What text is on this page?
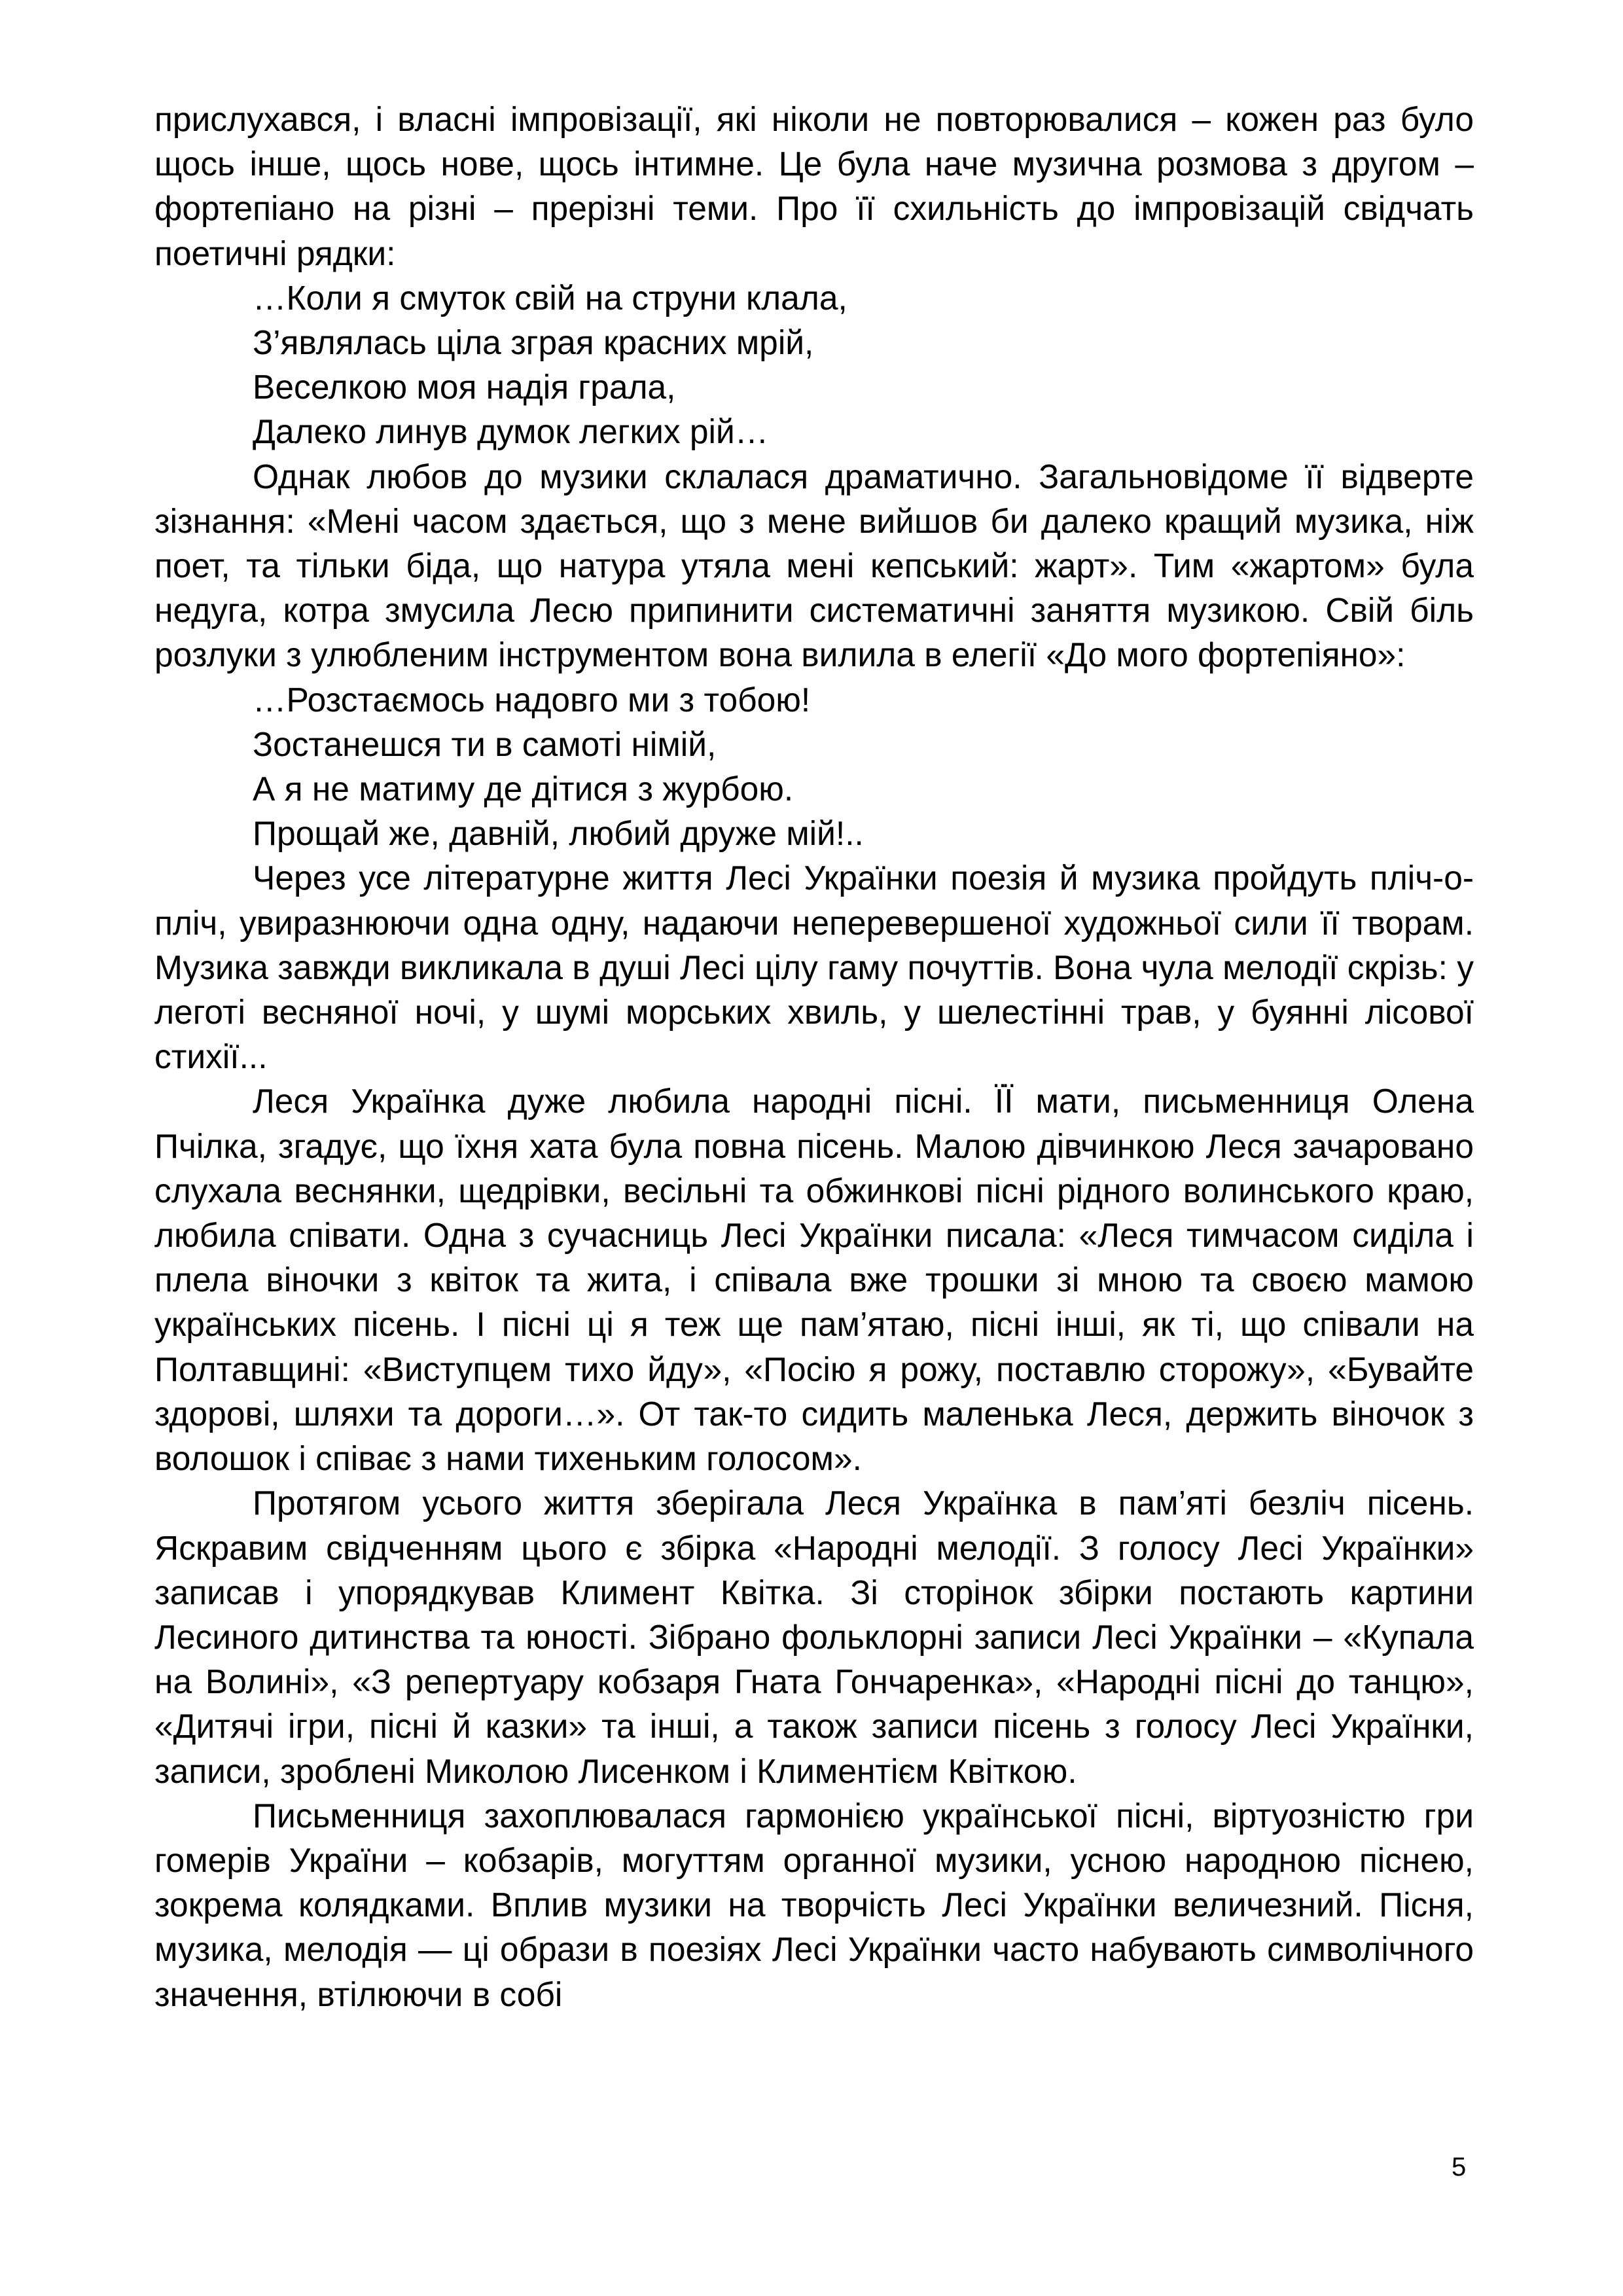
прислухався, і власні імпровізації, які ніколи не повторювалися – кожен раз було щось інше, щось нове, щось інтимне. Це була наче музична розмова з другом – фортепіано на різні – прерізні теми. Про її схильність до імпровізацій свідчать поетичні рядки:

…Коли я смуток свій на струни клала,
З’являлась ціла зграя красних мрій,
Веселкою моя надія грала,
Далеко линув думок легких рій…

Однак любов до музики склалася драматично. Загальновідоме її відверте зізнання: «Мені часом здається, що з мене вийшов би далеко кращий музика, ніж поет, та тільки біда, що натура утяла мені кепський: жарт». Тим «жартом» була недуга, котра змусила Лесю припинити систематичні заняття музикою. Свій біль розлуки з улюбленим інструментом вона вилила в елегії «До мого фортепіяно»:

…Розстаємось надовго ми з тобою!
Зостанешся ти в самоті німій,
А я не матиму де дітися з журбою.
Прощай же, давній, любий друже мій!..

Через усе літературне життя Лесі Українки поезія й музика пройдуть пліч-о-пліч, увиразнюючи одна одну, надаючи неперевершеної художньої сили її творам. Музика завжди викликала в душі Лесі цілу гаму почуттів. Вона чула мелодії скрізь: у леготі весняної ночі, у шумі морських хвиль, у шелестінні трав, у буянні лісової стихії...

Леся Українка дуже любила народні пісні. ЇЇ мати, письменниця Олена Пчілка, згадує, що їхня хата була повна пісень. Малою дівчинкою Леся зачаровано слухала веснянки, щедрівки, весільні та обжинкові пісні рідного волинського краю, любила співати. Одна з сучасниць Лесі Українки писала: «Леся тимчасом сиділа і плела віночки з квіток та жита, і співала вже трошки зі мною та своєю мамою українських пісень. І пісні ці я теж ще пам’ятаю, пісні інші, як ті, що співали на Полтавщині: «Виступцем тихо йду», «Посію я рожу, поставлю сторожу», «Бувайте здорові, шляхи та дороги…». От так-то сидить маленька Леся, держить віночок з волошок і співає з нами тихеньким голосом».

Протягом усього життя зберігала Леся Українка в пам’яті безліч пісень. Яскравим свідченням цього є збірка «Народні мелодії. З голосу Лесі Українки» записав і упорядкував Климент Квітка. Зі сторінок збірки постають картини Лесиного дитинства та юності. Зібрано фольклорні записи Лесі Українки – «Купала на Волині», «З репертуару кобзаря Гната Гончаренка», «Народні пісні до танцю», «Дитячі ігри, пісні й казки» та інші, а також записи пісень з голосу Лесі Українки, записи, зроблені Миколою Лисенком і Климентієм Квіткою.

Письменниця захоплювалася гармонією української пісні, віртуозністю гри гомерів України – кобзарів, могуттям органної музики, усною народною піснею, зокрема колядками. Вплив музики на творчість Лесі Українки величезний. Пісня, музика, мелодія — ці образи в поезіях Лесі Українки часто набувають символічного значення, втілюючи в собі

5
